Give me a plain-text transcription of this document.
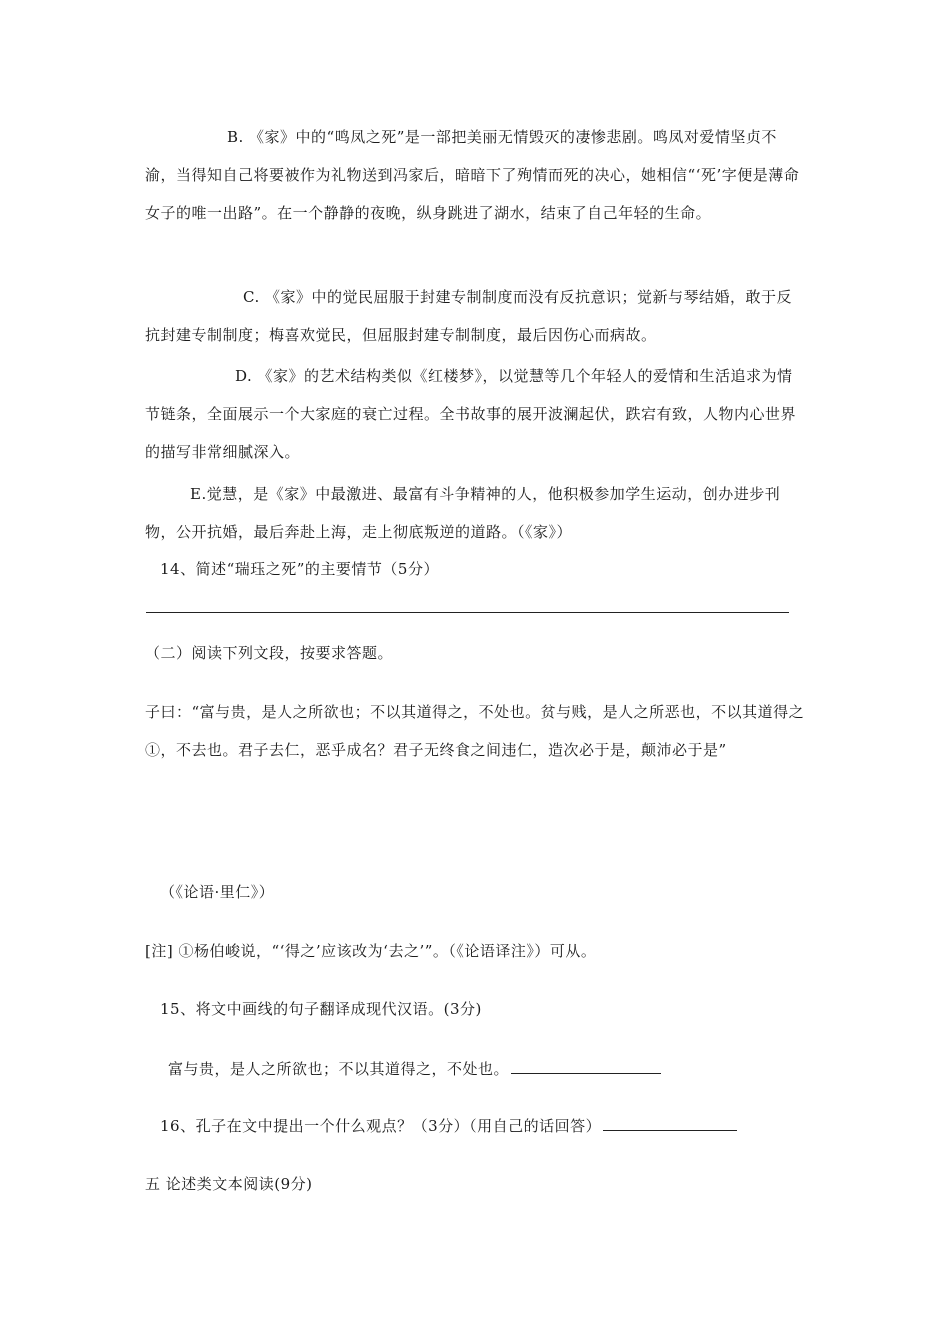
B. 《家》中的“鸣凤之死”是一部把美丽无情毁灭的凄惨悲剧。鸣凤对爱情坚贞不渝，当得知自己将要被作为礼物送到冯家后，暗暗下了殉情而死的决心，她相信“‘死’字便是薄命女子的唯一出路”。在一个静静的夜晚，纵身跳进了湖水，结束了自己年轻的生命。
C. 《家》中的觉民屈服于封建专制制度而没有反抗意识；觉新与琴结婚，敢于反抗封建专制制度；梅喜欢觉民，但屈服封建专制制度，最后因伤心而病故。
D. 《家》的艺术结构类似《红楼梦》，以觉慧等几个年轻人的爱情和生活追求为情节链条，全面展示一个大家庭的衰亡过程。全书故事的展开波澜起伏，跌宕有致，人物内心世界的描写非常细腻深入。
E.觉慧，是《家》中最激进、最富有斗争精神的人，他积极参加学生运动，创办进步刊物，公开抗婚，最后奔赴上海，走上彻底叛逆的道路。（《家》）
14、简述“瑞珏之死”的主要情节（5分）
（二）阅读下列文段，按要求答题。
子曰：“富与贵，是人之所欲也；不以其道得之，不处也。贫与贱，是人之所恶也，不以其道得之①，不去也。君子去仁，恶乎成名？君子无终食之间违仁，造次必于是，颠沛必于是”
（《论语·里仁》）
[注] ①杨伯峻说，“‘得之’应该改为‘去之’”。（《论语译注》）可从。
15、将文中画线的句子翻译成现代汉语。(3分)
富与贵，是人之所欲也；不以其道得之，不处也。
16、孔子在文中提出一个什么观点？（3分）（用自己的话回答）
五 论述类文本阅读(9分)
